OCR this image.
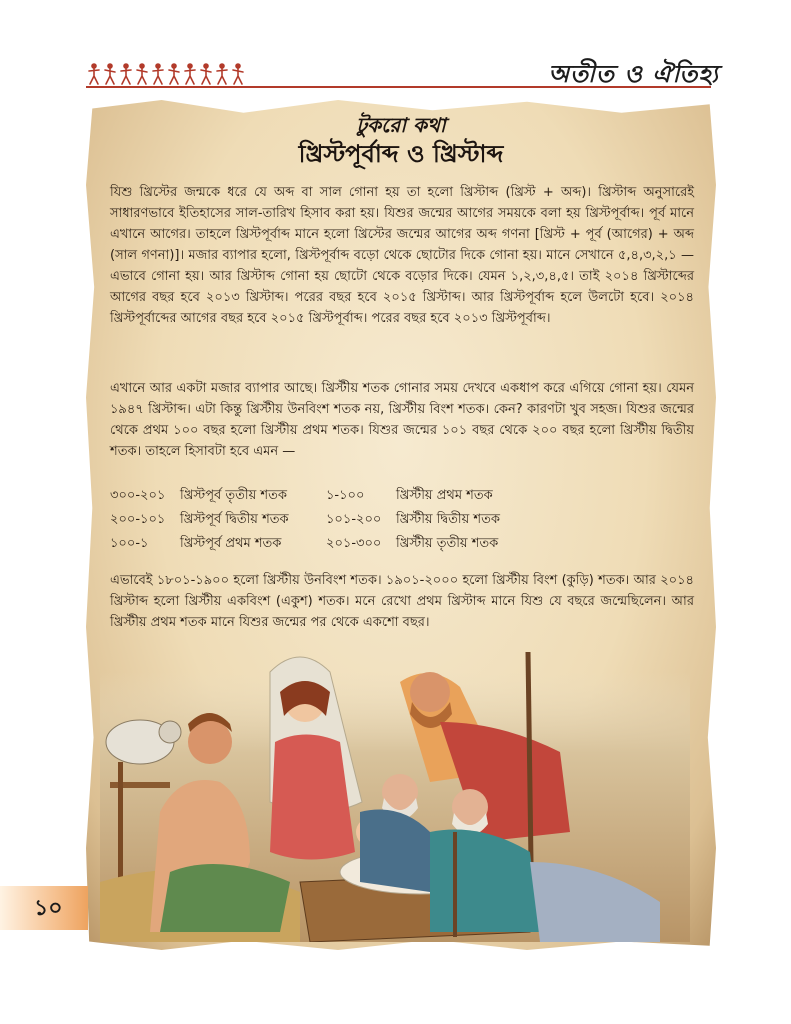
অতীত ও ঐতিহ্য
টুকরো কথা
খ্রিস্টপূর্বাব্দ ও খ্রিস্টাব্দ
যিশু খ্রিস্টের জন্মকে ধরে যে অব্দ বা সাল গোনা হয় তা হলো খ্রিস্টাব্দ (খ্রিস্ট + অব্দ)। খ্রিস্টাব্দ অনুসারেই সাধারণভাবে ইতিহাসের সাল-তারিখ হিসাব করা হয়। যিশুর জন্মের আগের সময়কে বলা হয় খ্রিস্টপূর্বাব্দ। পূর্ব মানে এখানে আগের। তাহলে খ্রিস্টপূর্বাব্দ মানে হলো খ্রিস্টের জন্মের আগের অব্দ গণনা [খ্রিস্ট + পূর্ব (আগের) + অব্দ (সাল গণনা)]। মজার ব্যাপার হলো, খ্রিস্টপূর্বাব্দ বড়ো থেকে ছোটোর দিকে গোনা হয়। মানে সেখানে ৫,৪,৩,২,১ — এভাবে গোনা হয়। আর খ্রিস্টাব্দ গোনা হয় ছোটো থেকে বড়োর দিকে। যেমন ১,২,৩,৪,৫। তাই ২০১৪ খ্রিস্টাব্দের আগের বছর হবে ২০১৩ খ্রিস্টাব্দ। পরের বছর হবে ২০১৫ খ্রিস্টাব্দ। আর খ্রিস্টপূর্বাব্দ হলে উলটো হবে। ২০১৪ খ্রিস্টপূর্বাব্দের আগের বছর হবে ২০১৫ খ্রিস্টপূর্বাব্দ। পরের বছর হবে ২০১৩ খ্রিস্টপূর্বাব্দ।
এখানে আর একটা মজার ব্যাপার আছে। খ্রিস্টীয় শতক গোনার সময় দেখবে একধাপ করে এগিয়ে গোনা হয়। যেমন ১৯৪৭ খ্রিস্টাব্দ। এটা কিন্তু খ্রিস্টীয় উনবিংশ শতক নয়, খ্রিস্টীয় বিংশ শতক। কেন? কারণটা খুব সহজ। যিশুর জন্মের থেকে প্রথম ১০০ বছর হলো খ্রিস্টীয় প্রথম শতক। যিশুর জন্মের ১০১ বছর থেকে ২০০ বছর হলো খ্রিস্টীয় দ্বিতীয় শতক। তাহলে হিসাবটা হবে এমন —
৩০০-২০১	খ্রিস্টপূর্ব তৃতীয় শতক	১-১০০	খ্রিস্টীয় প্রথম শতক
২০০-১০১	খ্রিস্টপূর্ব দ্বিতীয় শতক	১০১-২০০	খ্রিস্টীয় দ্বিতীয় শতক
১০০-১	খ্রিস্টপূর্ব প্রথম শতক	২০১-৩০০	খ্রিস্টীয় তৃতীয় শতক
এভাবেই ১৮০১-১৯০০ হলো খ্রিস্টীয় উনবিংশ শতক। ১৯০১-২০০০ হলো খ্রিস্টীয় বিংশ (কুড়ি) শতক। আর ২০১৪ খ্রিস্টাব্দ হলো খ্রিস্টীয় একবিংশ (একুশ) শতক। মনে রেখো প্রথম খ্রিস্টাব্দ মানে যিশু যে বছরে জন্মেছিলেন। আর খ্রিস্টীয় প্রথম শতক মানে যিশুর জন্মের পর থেকে একশো বছর।
১০
